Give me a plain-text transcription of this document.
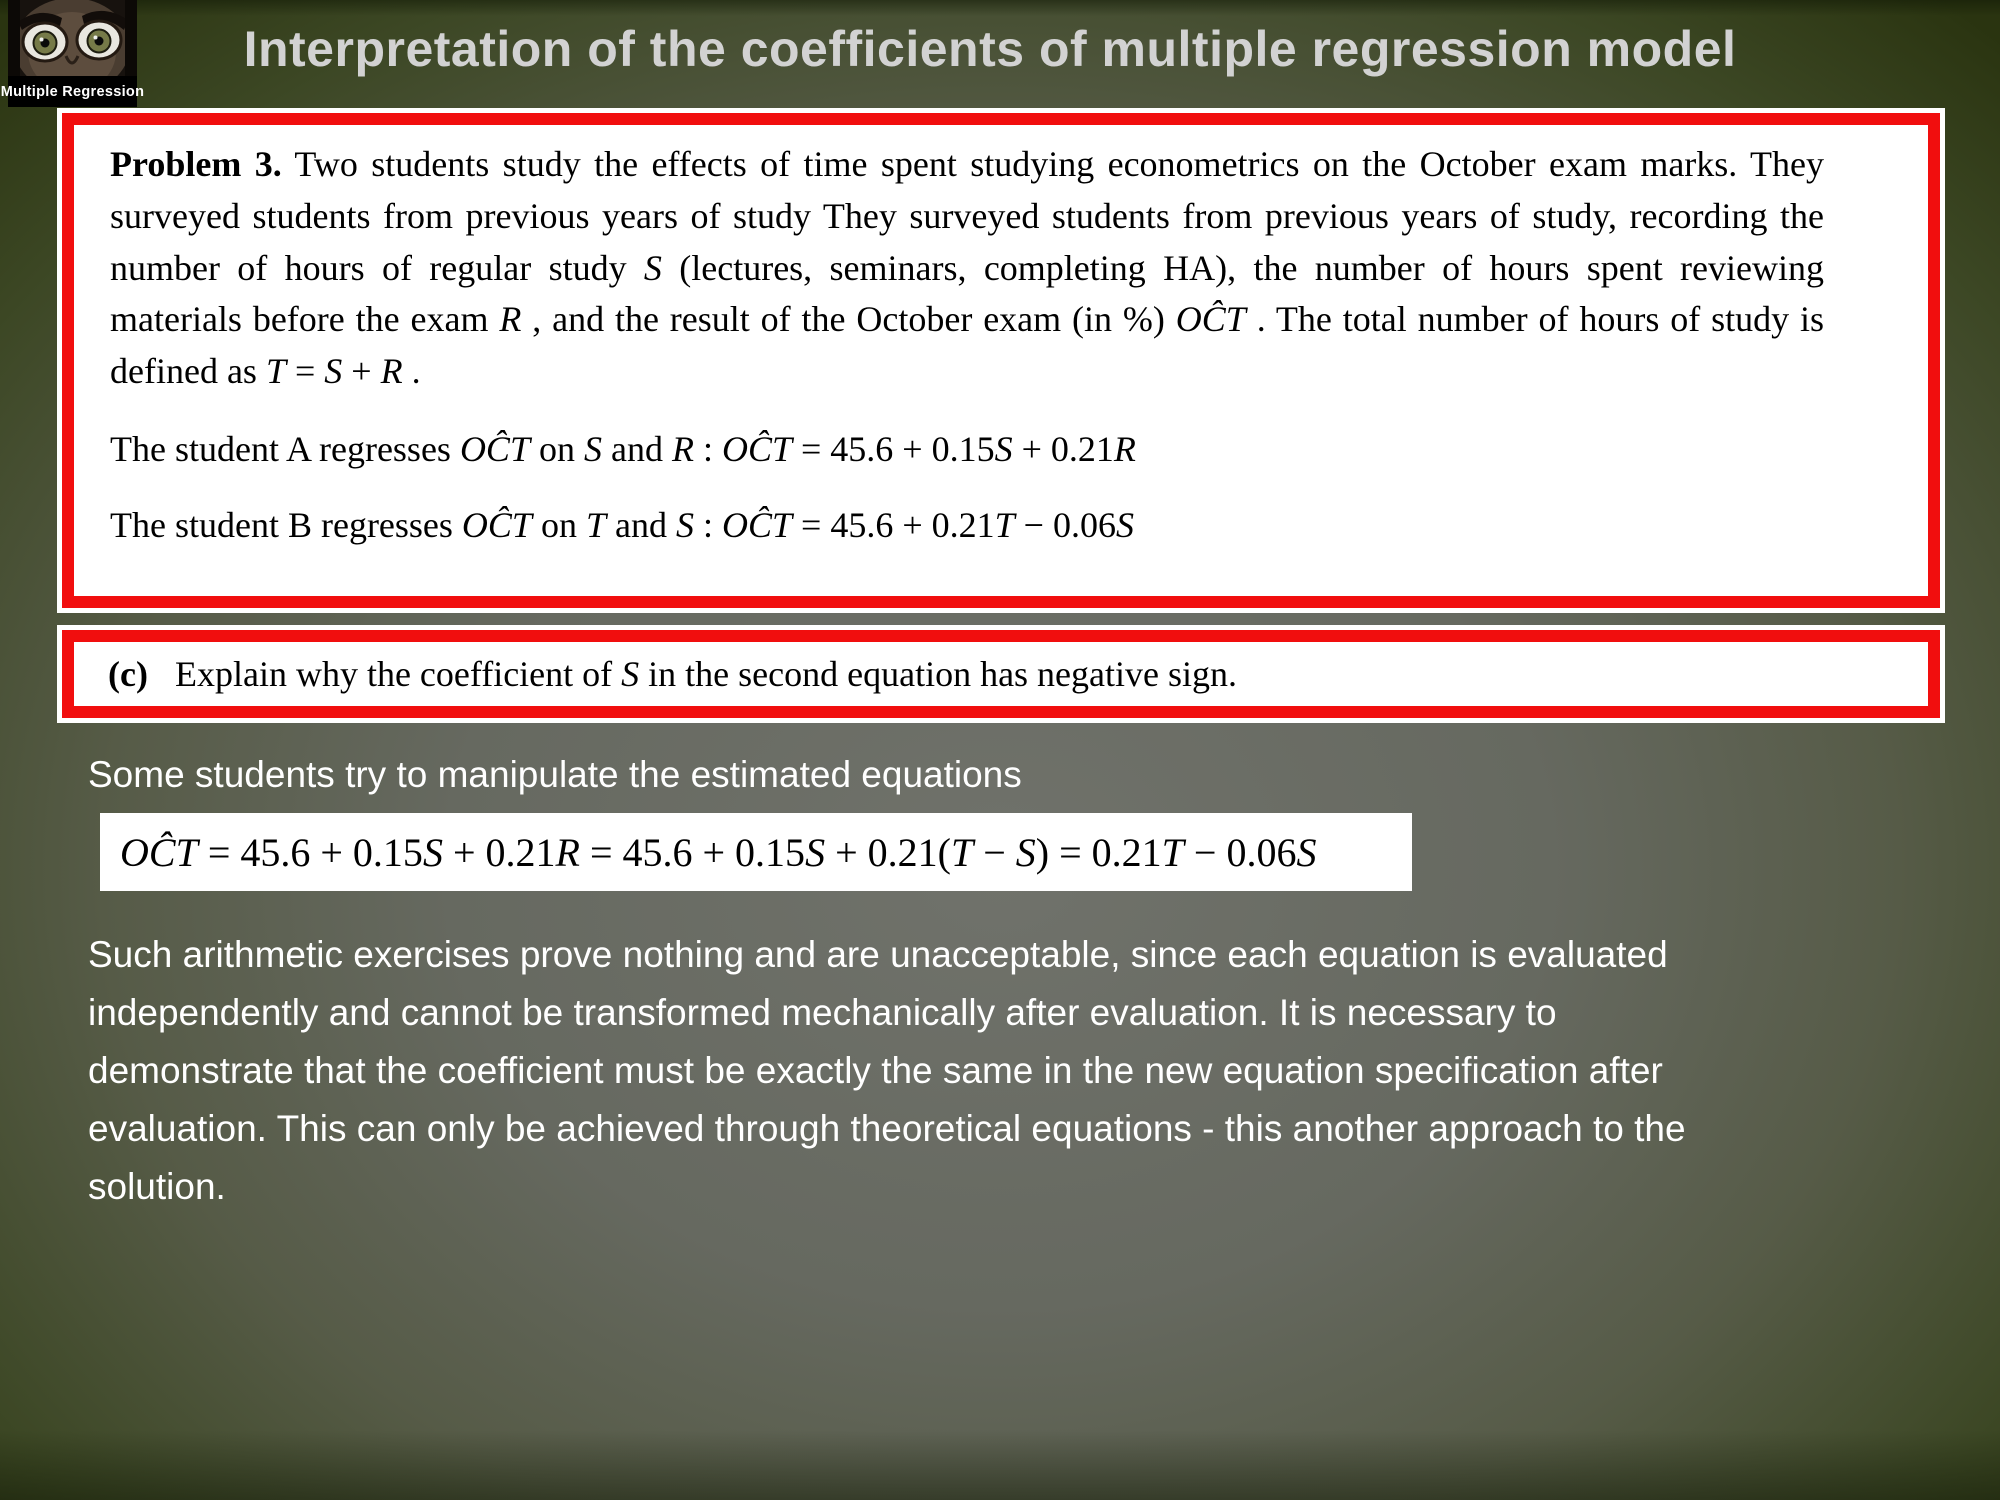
Multiple Regression
Interpretation of the coefficients of multiple regression model
Problem 3. Two students study the effects of time spent studying econometrics on the October exam marks. They surveyed students from previous years of study They surveyed students from previous years of study, recording the number of hours of regular study S (lectures, seminars, completing HA), the number of hours spent reviewing materials before the exam R , and the result of the October exam (in %) OĈT . The total number of hours of study is defined as T = S + R .
The student A regresses OĈT on S and R : OĈT = 45.6 + 0.15S + 0.21R
The student B regresses OĈT on T and S : OĈT = 45.6 + 0.21T − 0.06S
(c)   Explain why the coefficient of S in the second equation has negative sign.
Some students try to manipulate the estimated equations
OĈT = 45.6 + 0.15S + 0.21R = 45.6 + 0.15S + 0.21(T − S) = 0.21T − 0.06S
Such arithmetic exercises prove nothing and are unacceptable, since each equation is evaluated independently and cannot be transformed mechanically after evaluation. It is necessary to demonstrate that the coefficient must be exactly the same in the new equation specification after evaluation. This can only be achieved through theoretical equations - this another approach to the solution.
